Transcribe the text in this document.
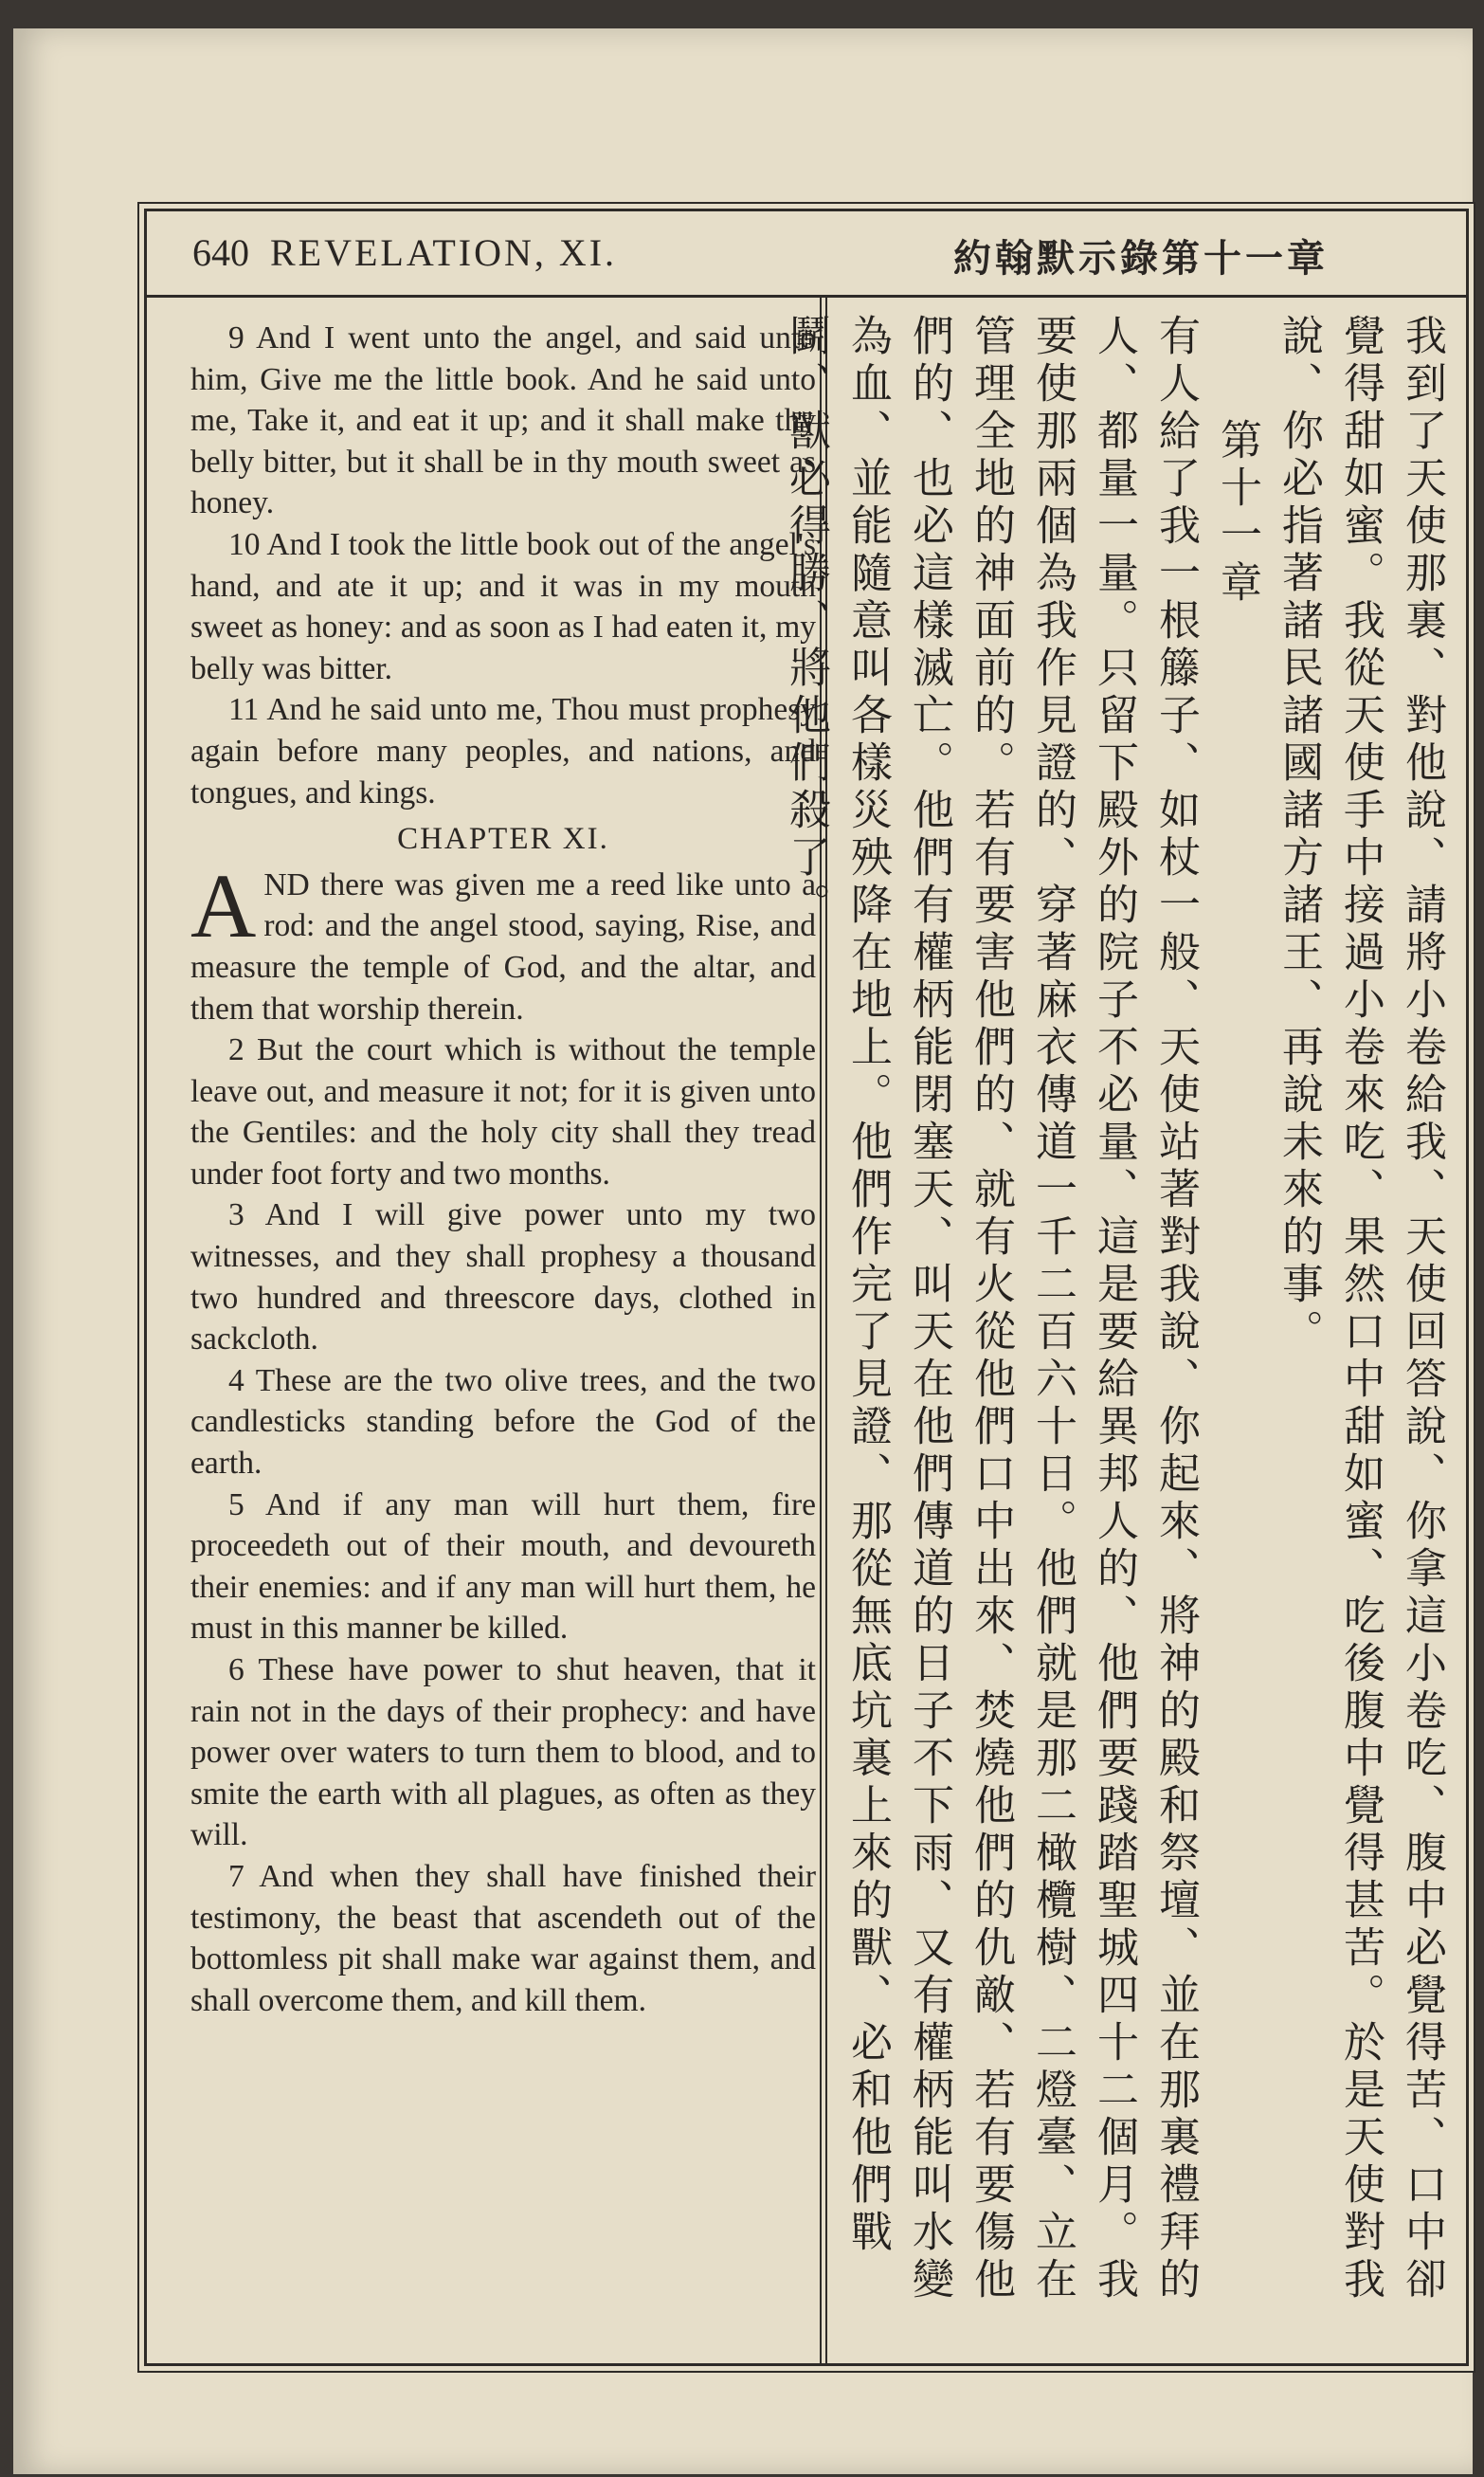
640 REVELATION, XI.	約翰默示錄第十一章

9 And I went unto the angel, and said unto him, Give me the little book. And he said unto me, Take it, and eat it up; and it shall make thy belly bitter, but it shall be in thy mouth sweet as honey.

10 And I took the little book out of the angel's hand, and ate it up; and it was in my mouth sweet as honey: and as soon as I had eaten it, my belly was bitter.

11 And he said unto me, Thou must prophesy again before many peoples, and nations, and tongues, and kings.

CHAPTER XI.

AND there was given me a reed like unto a rod: and the angel stood, saying, Rise, and measure the temple of God, and the altar, and them that worship therein.

2 But the court which is without the temple leave out, and measure it not; for it is given unto the Gentiles: and the holy city shall they tread under foot forty and two months.

3 And I will give power unto my two witnesses, and they shall prophesy a thousand two hundred and threescore days, clothed in sackcloth.

4 These are the two olive trees, and the two candlesticks standing before the God of the earth.

5 And if any man will hurt them, fire proceedeth out of their mouth, and devoureth their enemies: and if any man will hurt them, he must in this manner be killed.

6 These have power to shut heaven, that it rain not in the days of their prophecy: and have power over waters to turn them to blood, and to smite the earth with all plagues, as often as they will.

7 And when they shall have finished their testimony, the beast that ascendeth out of the bottomless pit shall make war against them, and shall overcome them, and kill them.	我到了天使那裏、對他說、請將小卷給我、天使回答說、你拿這小卷吃、腹中必覺得苦、口中卻覺得甜如蜜。我從天使手中接過小卷來吃、果然口中甜如蜜、吃後腹中覺得甚苦。於是天使對我說、你必指著諸民諸國諸方諸王、再說未來的事。

第十一章

有人給了我一根籐子、如杖一般、天使站著對我說、你起來、將神的殿和祭壇、並在那裏禮拜的人、都量一量。只留下殿外的院子不必量、這是要給異邦人的、他們要踐踏聖城四十二個月。我要使那兩個為我作見證的、穿著麻衣傳道一千二百六十日。他們就是那二橄欖樹、二燈臺、立在管理全地的神面前的。若有要害他們的、就有火從他們口中出來、焚燒他們的仇敵、若有要傷他們的、也必這樣滅亡。他們有權柄能閉塞天、叫天在他們傳道的日子不下雨、又有權柄能叫水變為血、並能隨意叫各樣災殃降在地上。他們作完了見證、那從無底坑裏上來的獸、必和他們戰鬬、獸必得勝、將他們殺了。
